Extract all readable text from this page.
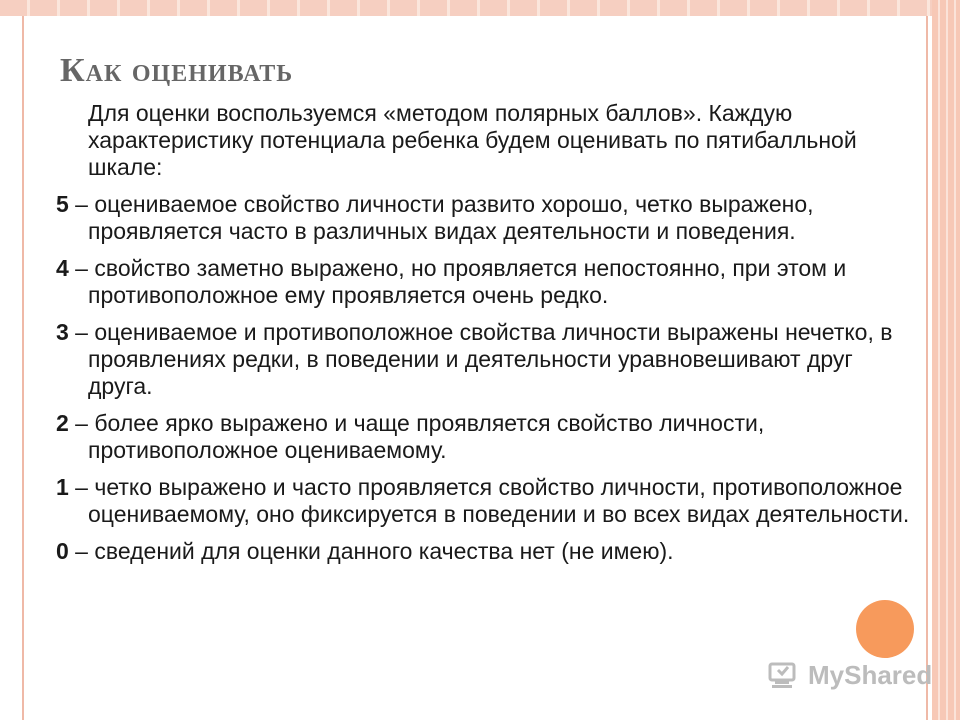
Как оценивать

Для оценки воспользуемся «методом полярных баллов». Каждую характеристику потенциала ребенка будем оценивать по пятибалльной шкале:

5 – оцениваемое свойство личности развито хорошо, четко выражено, проявляется часто в различных видах деятельности и поведения.

4 – свойство заметно выражено, но проявляется непостоянно, при этом и противоположное ему проявляется очень редко.

3 – оцениваемое и противоположное свойства личности выражены нечетко, в проявлениях редки, в поведении и деятельности уравновешивают друг друга.

2 – более ярко выражено и чаще проявляется свойство личности, противоположное оцениваемому.

1 – четко выражено и часто проявляется свойство личности, противоположное оцениваемому, оно фиксируется в поведении и во всех видах деятельности.

0 – сведений для оценки данного качества нет (не имею).

MyShared
